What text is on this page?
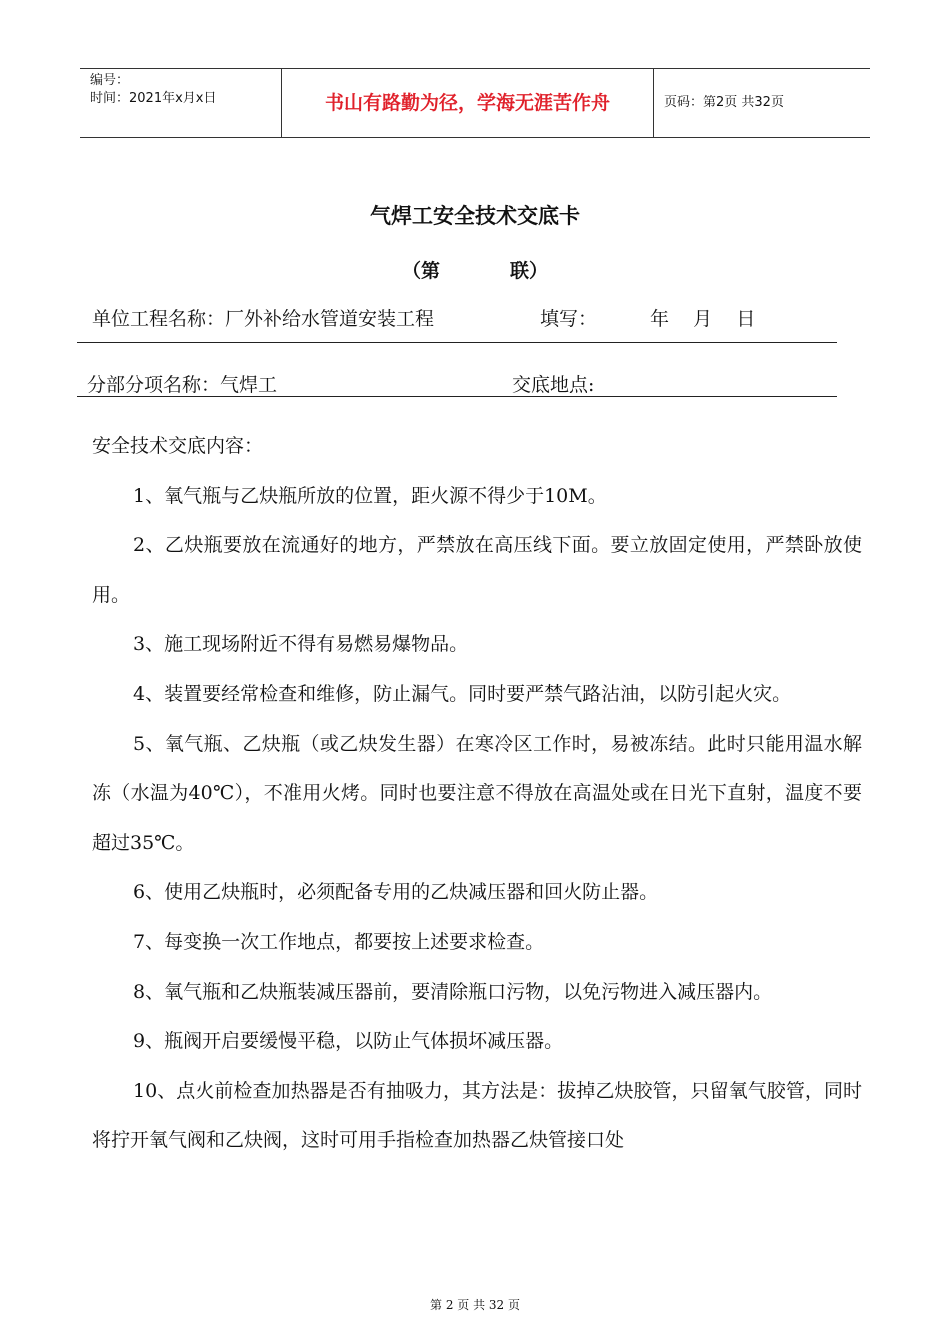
编号：
时间：2021年x月x日	书山有路勤为径，学海无涯苦作舟	页码：第2页 共32页
气焊工安全技术交底卡
（第	联）
单位工程名称：厂外补给水管道安装工程	填写：	年    月    日
分部分项名称：气焊工	交底地点:

安全技术交底内容：

1、氧气瓶与乙炔瓶所放的位置，距火源不得少于10M。

2、乙炔瓶要放在流通好的地方，严禁放在高压线下面。要立放固定使用，严禁卧放使用。

3、施工现场附近不得有易燃易爆物品。

4、装置要经常检查和维修，防止漏气。同时要严禁气路沾油，以防引起火灾。

5、氧气瓶、乙炔瓶（或乙炔发生器）在寒冷区工作时，易被冻结。此时只能用温水解冻（水温为40℃），不准用火烤。同时也要注意不得放在高温处或在日光下直射，温度不要超过35℃。

6、使用乙炔瓶时，必须配备专用的乙炔减压器和回火防止器。

7、每变换一次工作地点，都要按上述要求检查。

8、氧气瓶和乙炔瓶装减压器前，要清除瓶口污物，以免污物进入减压器内。

9、瓶阀开启要缓慢平稳，以防止气体损坏减压器。

10、点火前检查加热器是否有抽吸力，其方法是：拔掉乙炔胶管，只留氧气胶管，同时将拧开氧气阀和乙炔阀，这时可用手指检查加热器乙炔管接口处

第 2 页 共 32 页
